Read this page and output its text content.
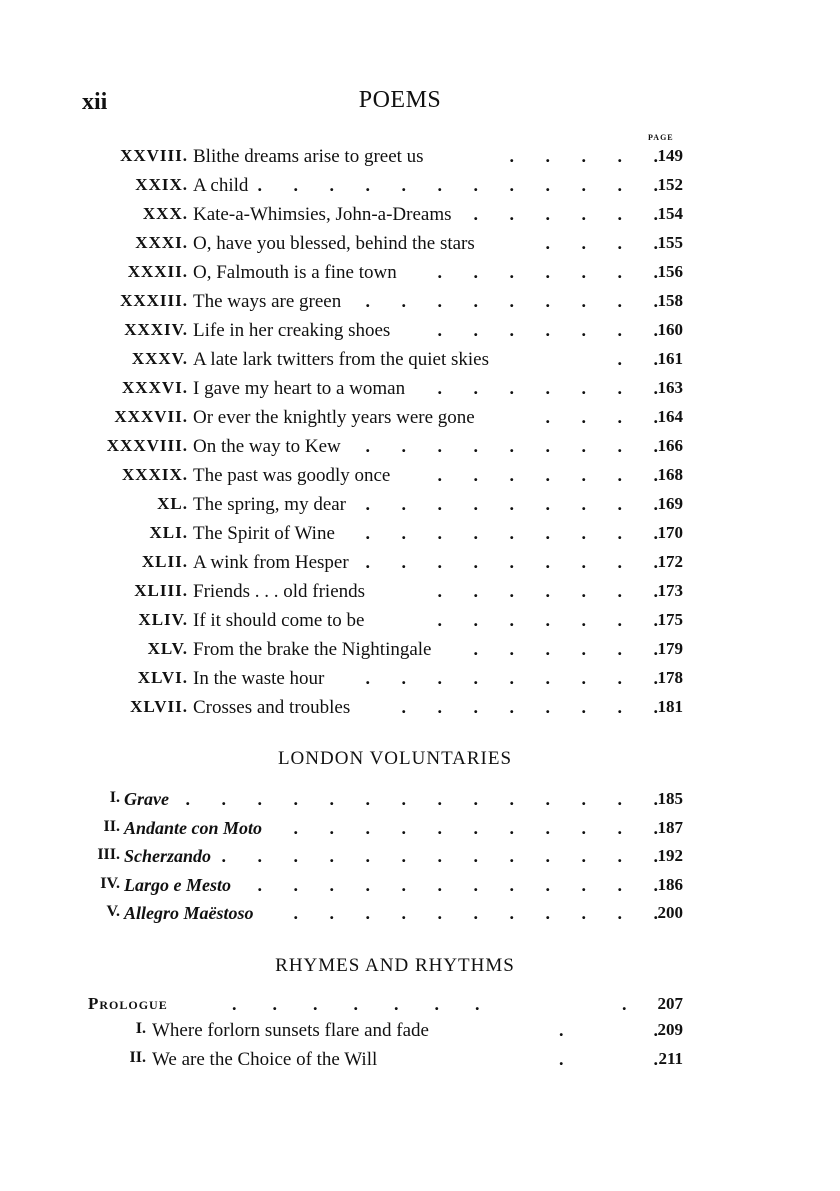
xii	POEMS
PAGE
XXVIII. Blithe dreams arise to greet us	.       .       .       .       . 149
XXIX. A child .       .       .       .       .       .       .       .       .       .       .       . 152
XXX. Kate-a-Whimsies, John-a-Dreams .       .       .       .       .       . 154
XXXI. O, have you blessed, behind the stars	.       .       .       . 155
XXXII. O, Falmouth is a fine town .       .       .       .       .       .       . 156
XXXIII. The ways are green .       .       .       .       .       .       .       .       . 158
XXXIV. Life in her creaking shoes	.       .       .       .       .       .       . 160
XXXV. A late lark twitters from the quiet skies	.       . 161
XXXVI. I gave my heart to a woman .       .       .       .       .       .       . 163
XXXVII. Or ever the knightly years were gone	.       .       .       . 164
XXXVIII. On the way to Kew .       .       .       .       .       .       .       .       . 166
XXXIX. The past was goodly once	.       .       .       .       .       .       . 168
XL. The spring, my dear .       .       .       .       .       .       .       .       . 169
XLI. The Spirit of Wine .       .       .       .       .       .       .       .       . 170
XLII. A wink from Hesper .       .       .       .       .       .       .       .       . 172
XLIII. Friends . . . old friends	.       .       .       .       .       .       . 173
XLIV. If it should come to be	.       .       .       .       .       .       . 175
XLV. From the brake the Nightingale .       .       .       .       .       . 179
XLVI. In the waste hour .       .       .       .       .       .       .       .       . 178
XLVII. Crosses and troubles	.       .       .       .       .       .       .       . 181
LONDON VOLUNTARIES
I. Grave .       .       .       .       .       .       .       .       .       .       .       .       .       . 185
II. Andante con Moto .       .       .       .       .       .       .       .       .       .       . 187
III. Scherzando .       .       .       .       .       .       .       .       .       .       .       .       . 192
IV. Largo e Mesto .       .       .       .       .       .       .       .       .       .       .       . 186
V. Allegro Maëstoso .       .       .       .       .       .       .       .       .       .       . 200
RHYMES AND RHYTHMS
Prologue	.        .        .        .        .        .        .	. 207
I. Where forlorn sunsets flare and fade	.                    . 209
II. We are the Choice of the Will	.                    . 211
